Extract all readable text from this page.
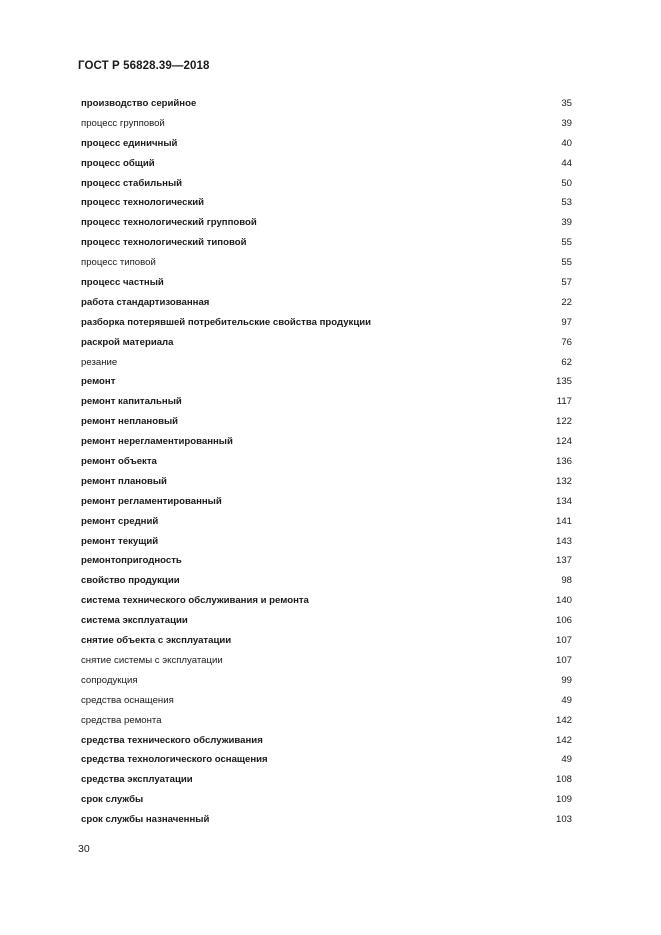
ГОСТ Р 56828.39—2018
производство серийное	35
процесс групповой	39
процесс единичный	40
процесс общий	44
процесс стабильный	50
процесс технологический	53
процесс технологический групповой	39
процесс технологический типовой	55
процесс типовой	55
процесс частный	57
работа стандартизованная	22
разборка потерявшей потребительские свойства продукции	97
раскрой материала	76
резание	62
ремонт	135
ремонт капитальный	117
ремонт неплановый	122
ремонт нерегламентированный	124
ремонт объекта	136
ремонт плановый	132
ремонт регламентированный	134
ремонт средний	141
ремонт текущий	143
ремонтопригодность	137
свойство продукции	98
система технического обслуживания и ремонта	140
система эксплуатации	106
снятие объекта с эксплуатации	107
снятие системы с эксплуатации	107
сопродукция	99
средства оснащения	49
средства ремонта	142
средства технического обслуживания	142
средства технологического оснащения	49
средства эксплуатации	108
срок службы	109
срок службы назначенный	103
30
